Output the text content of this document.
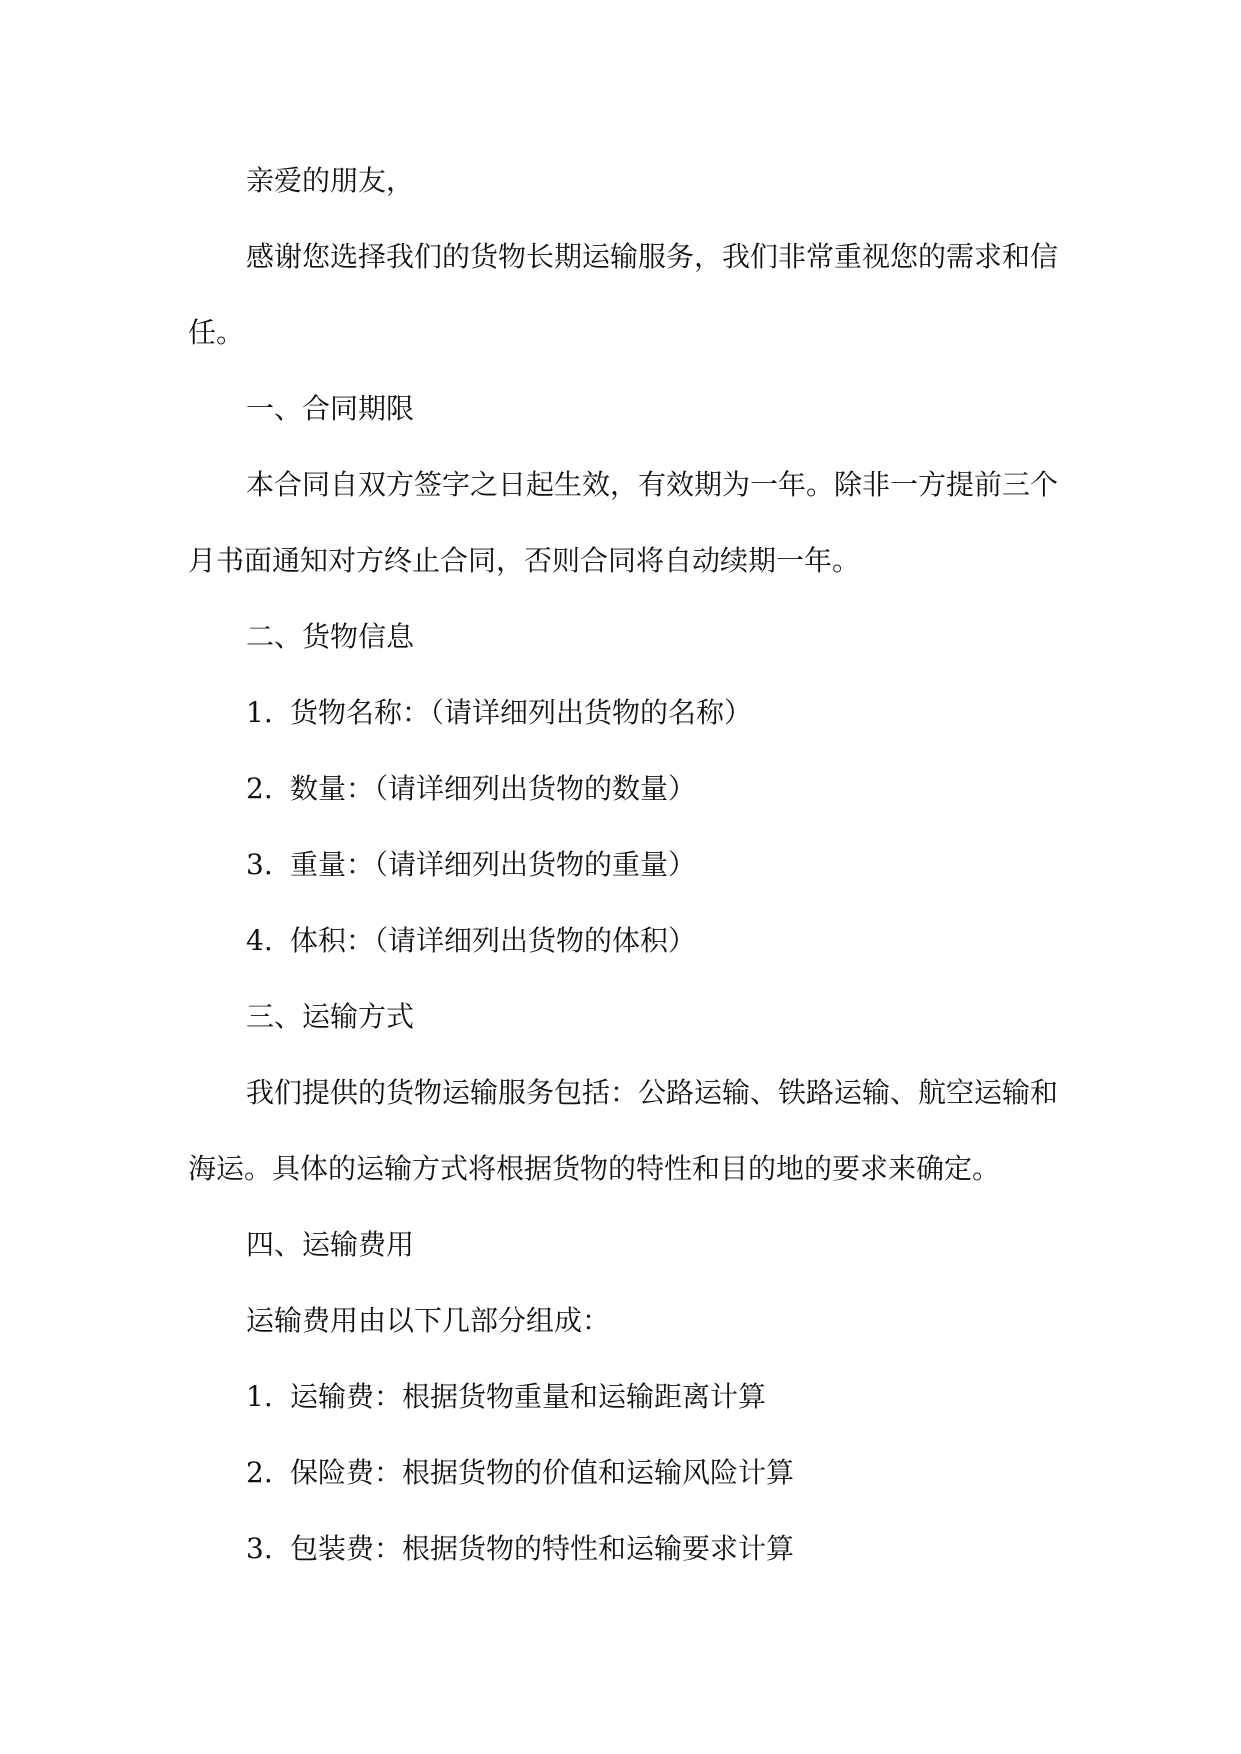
亲爱的朋友，

感谢您选择我们的货物长期运输服务，我们非常重视您的需求和信任。

一、合同期限

本合同自双方签字之日起生效，有效期为一年。除非一方提前三个月书面通知对方终止合同，否则合同将自动续期一年。

二、货物信息

1. 货物名称：（请详细列出货物的名称）
2. 数量：（请详细列出货物的数量）
3. 重量：（请详细列出货物的重量）
4. 体积：（请详细列出货物的体积）

三、运输方式

我们提供的货物运输服务包括：公路运输、铁路运输、航空运输和海运。具体的运输方式将根据货物的特性和目的地的要求来确定。

四、运输费用

运输费用由以下几部分组成：

1. 运输费：根据货物重量和运输距离计算
2. 保险费：根据货物的价值和运输风险计算
3. 包装费：根据货物的特性和运输要求计算
